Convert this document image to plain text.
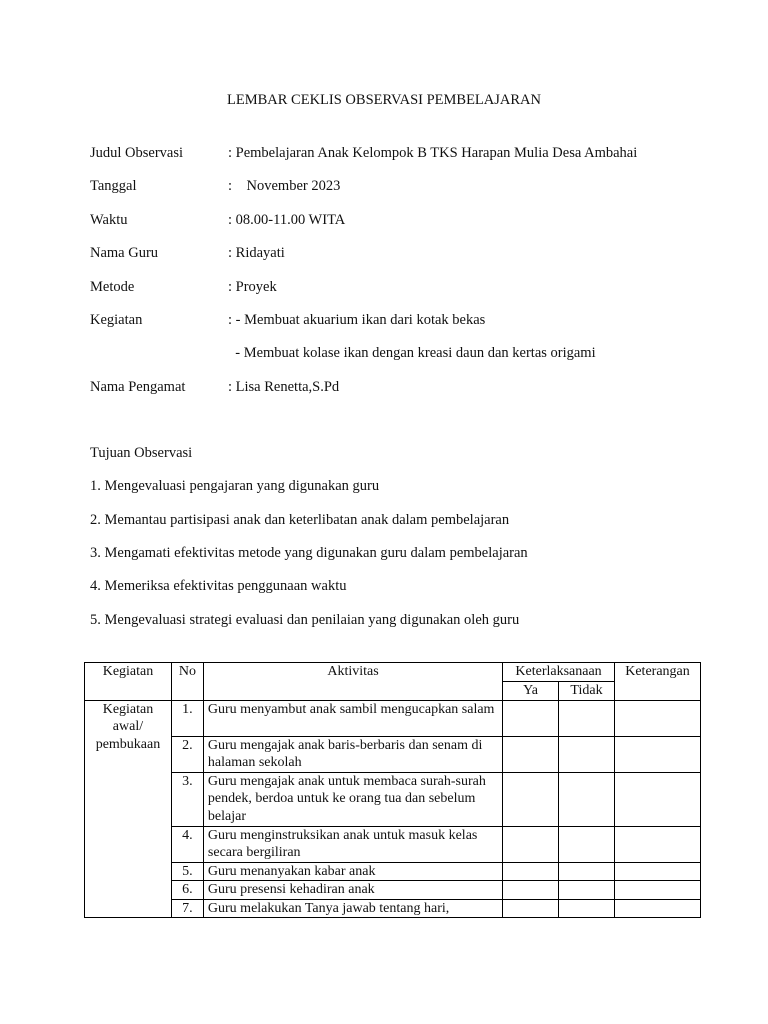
LEMBAR CEKLIS OBSERVASI PEMBELAJARAN
Judul Observasi	: Pembelajaran Anak Kelompok B TKS Harapan Mulia Desa Ambahai
Tanggal	:    November 2023
Waktu	: 08.00-11.00 WITA
Nama Guru	: Ridayati
Metode	: Proyek
Kegiatan	: - Membuat akuarium ikan dari kotak bekas
- Membuat kolase ikan dengan kreasi daun dan kertas origami
Nama Pengamat	: Lisa Renetta,S.Pd
Tujuan Observasi
1. Mengevaluasi pengajaran yang digunakan guru
2. Memantau partisipasi anak dan keterlibatan anak dalam pembelajaran
3. Mengamati efektivitas metode yang digunakan guru dalam pembelajaran
4. Memeriksa efektivitas penggunaan waktu
5. Mengevaluasi strategi evaluasi dan penilaian yang digunakan oleh guru
Kegiatan	No	Aktivitas	Keterlaksanaan		Keterangan
			Ya	Tidak	
Kegiatan awal/ pembukaan	1.	Guru menyambut anak sambil mengucapkan salam			
	2.	Guru mengajak anak baris-berbaris dan senam di halaman sekolah			
	3.	Guru mengajak anak untuk membaca surah-surah pendek, berdoa untuk ke orang tua dan sebelum belajar			
	4.	Guru menginstruksikan anak untuk masuk kelas secara bergiliran			
	5.	Guru menanyakan kabar anak			
	6.	Guru presensi kehadiran anak			
	7.	Guru melakukan Tanya jawab tentang hari,			
